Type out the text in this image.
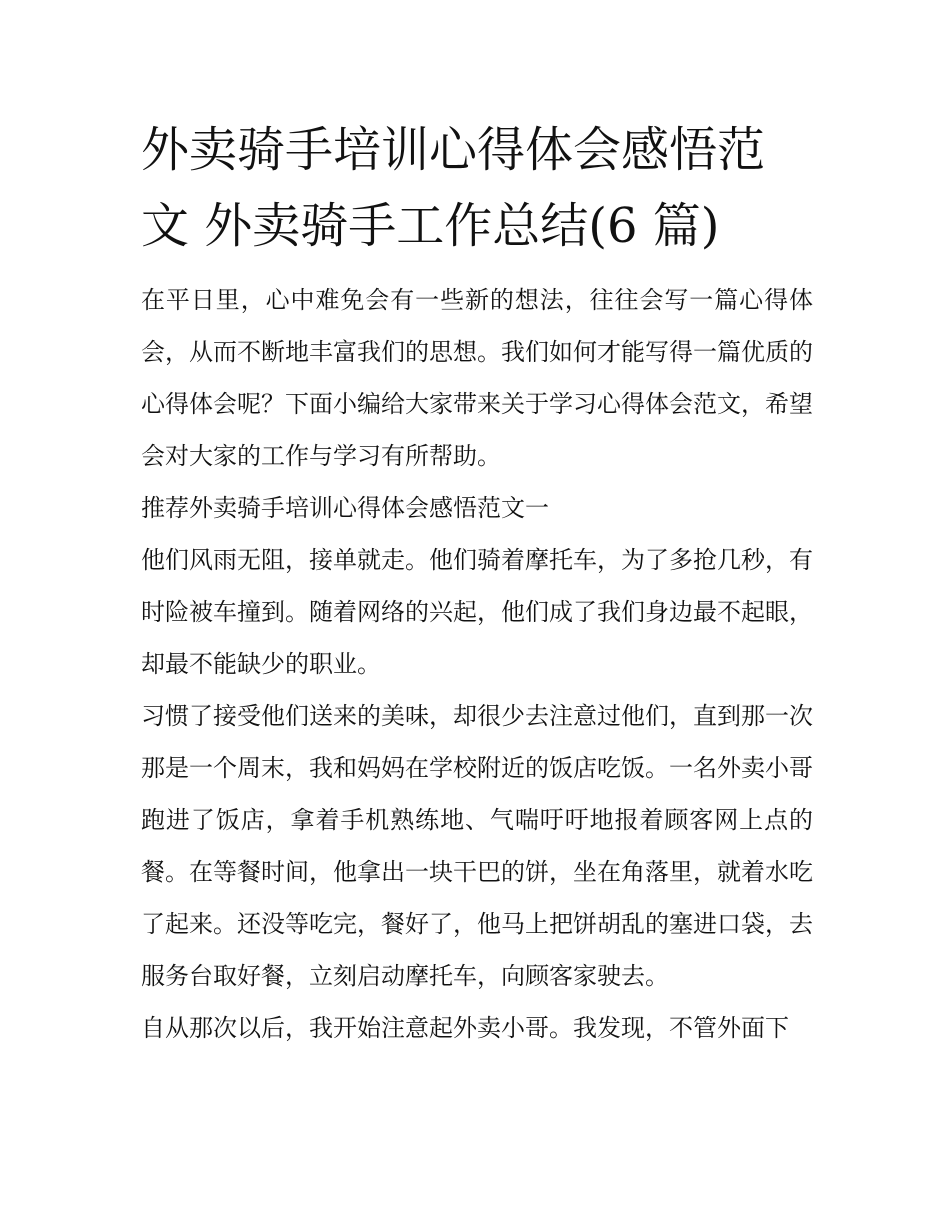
外卖骑手培训心得体会感悟范
文 外卖骑手工作总结(6 篇)

在平日里，心中难免会有一些新的想法，往往会写一篇心得体会，从而不断地丰富我们的思想。我们如何才能写得一篇优质的心得体会呢？下面小编给大家带来关于学习心得体会范文，希望会对大家的工作与学习有所帮助。

推荐外卖骑手培训心得体会感悟范文一

他们风雨无阻，接单就走。他们骑着摩托车，为了多抢几秒，有时险被车撞到。随着网络的兴起，他们成了我们身边最不起眼，却最不能缺少的职业。

习惯了接受他们送来的美味，却很少去注意过他们，直到那一次

那是一个周末，我和妈妈在学校附近的饭店吃饭。一名外卖小哥跑进了饭店，拿着手机熟练地、气喘吁吁地报着顾客网上点的餐。在等餐时间，他拿出一块干巴的饼，坐在角落里，就着水吃了起来。还没等吃完，餐好了，他马上把饼胡乱的塞进口袋，去服务台取好餐，立刻启动摩托车，向顾客家驶去。

自从那次以后，我开始注意起外卖小哥。我发现，不管外面下
